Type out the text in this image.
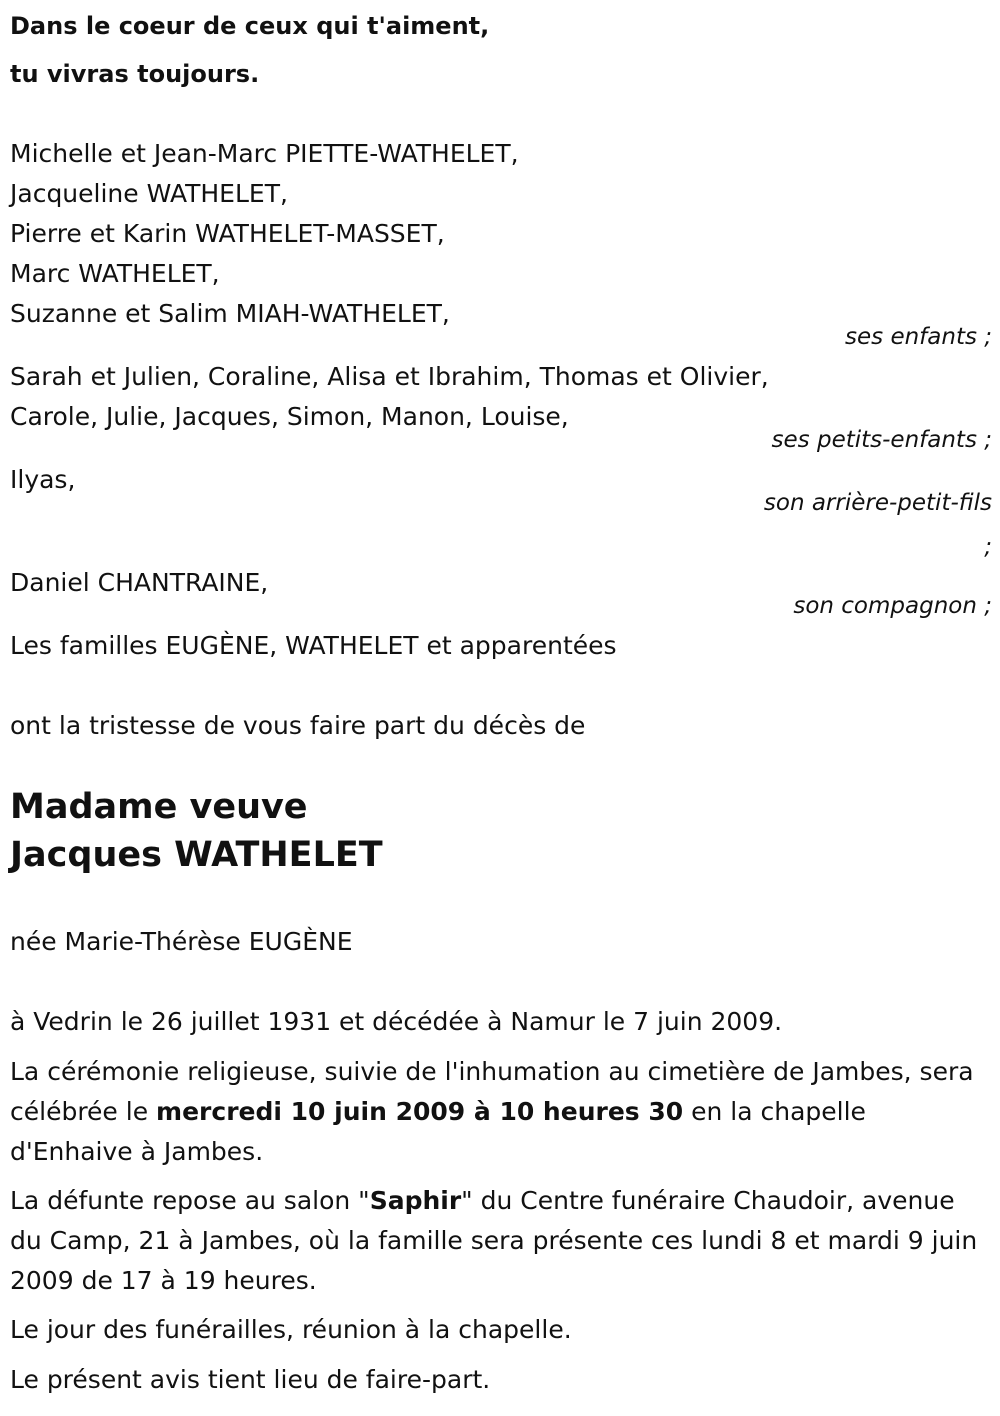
Dans le coeur de ceux qui t'aiment,
tu vivras toujours.
Michelle et Jean-Marc PIETTE-WATHELET,
Jacqueline WATHELET,
Pierre et Karin WATHELET-MASSET,
Marc WATHELET,
Suzanne et Salim MIAH-WATHELET,
ses enfants ;
Sarah et Julien, Coraline, Alisa et Ibrahim, Thomas et Olivier,
Carole, Julie, Jacques, Simon, Manon, Louise,
ses petits-enfants ;
Ilyas,
son arrière-petit-fils
;
Daniel CHANTRAINE,
son compagnon ;
Les familles EUGÈNE, WATHELET et apparentées
ont la tristesse de vous faire part du décès de
Madame veuve
Jacques WATHELET
née Marie-Thérèse EUGÈNE
à Vedrin le 26 juillet 1931 et décédée à Namur le 7 juin 2009.
La cérémonie religieuse, suivie de l'inhumation au cimetière de Jambes, sera célébrée le mercredi 10 juin 2009 à 10 heures 30 en la chapelle d'Enhaive à Jambes.
La défunte repose au salon "Saphir" du Centre funéraire Chaudoir, avenue du Camp, 21 à Jambes, où la famille sera présente ces lundi 8 et mardi 9 juin 2009 de 17 à 19 heures.
Le jour des funérailles, réunion à la chapelle.
Le présent avis tient lieu de faire-part.
